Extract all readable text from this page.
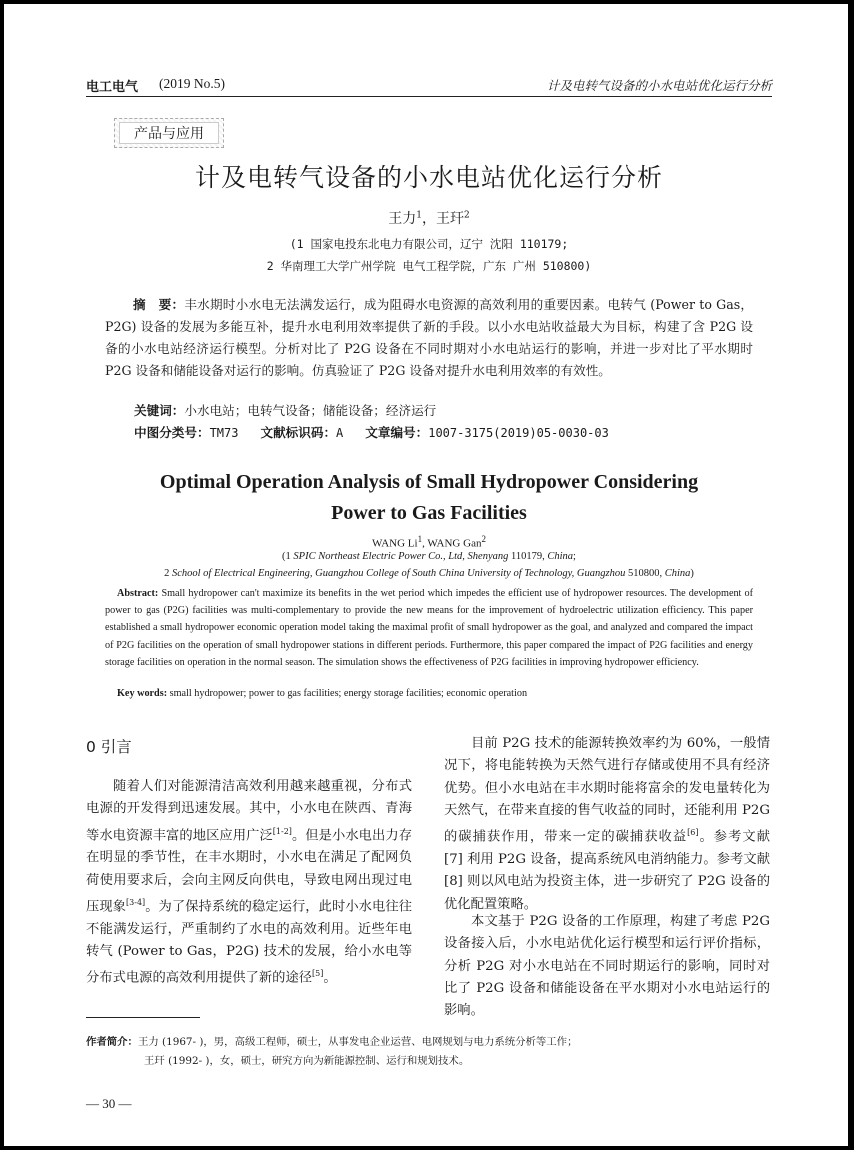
电工电气 (2019 No.5)	计及电转气设备的小水电站优化运行分析
产品与应用
计及电转气设备的小水电站优化运行分析
王力$^1$，王玕$^2$
(1 国家电投东北电力有限公司，辽宁 沈阳 110179;
2 华南理工大学广州学院 电气工程学院，广东 广州 510800)
摘　要：丰水期时小水电无法满发运行，成为阻碍水电资源的高效利用的重要因素。电转气 (Power to Gas，P2G) 设备的发展为多能互补，提升水电利用效率提供了新的手段。以小水电站收益最大为目标，构建了含 P2G 设备的小水电站经济运行模型。分析对比了 P2G 设备在不同时期对小水电站运行的影响，并进一步对比了平水期时 P2G 设备和储能设备对运行的影响。仿真验证了 P2G 设备对提升水电利用效率的有效性。
关键词：小水电站；电转气设备；储能设备；经济运行
中图分类号：TM73 文献标识码：A 文章编号：1007-3175(2019)05-0030-03
Optimal Operation Analysis of Small Hydropower Considering
Power to Gas Facilities
WANG Li$^1$, WANG Gan$^2$
(1 SPIC Northeast Electric Power Co., Ltd, Shenyang 110179, China;
2 School of Electrical Engineering, Guangzhou College of South China University of Technology, Guangzhou 510800, China)
Abstract: Small hydropower can't maximize its benefits in the wet period which impedes the efficient use of hydropower resources. The development of power to gas (P2G) facilities was multi-complementary to provide the new means for the improvement of hydroelectric utilization efficiency. This paper established a small hydropower economic operation model taking the maximal profit of small hydropower as the goal, and analyzed and compared the impact of P2G facilities on the operation of small hydropower stations in different periods. Furthermore, this paper compared the impact of P2G facilities and energy storage facilities on operation in the normal season. The simulation shows the effectiveness of P2G facilities in improving hydropower efficiency.
Key words: small hydropower; power to gas facilities; energy storage facilities; economic operation
0 引言
随着人们对能源清洁高效利用越来越重视，分布式电源的开发得到迅速发展。其中，小水电在陕西、青海等水电资源丰富的地区应用广泛[1-2]。但是小水电出力存在明显的季节性，在丰水期时，小水电在满足了配网负荷使用要求后，会向主网反向供电，导致电网出现过电压现象[3-4]。为了保持系统的稳定运行，此时小水电往往不能满发运行，严重制约了水电的高效利用。近些年电转气 (Power to Gas，P2G) 技术的发展，给小水电等分布式电源的高效利用提供了新的途径[5]。
目前 P2G 技术的能源转换效率约为 60%，一般情况下，将电能转换为天然气进行存储或使用不具有经济优势。但小水电站在丰水期时能将富余的发电量转化为天然气，在带来直接的售气收益的同时，还能利用 P2G 的碳捕获作用，带来一定的碳捕获收益[6]。参考文献 [7] 利用 P2G 设备，提高系统风电消纳能力。参考文献 [8] 则以风电站为投资主体，进一步研究了 P2G 设备的优化配置策略。
本文基于 P2G 设备的工作原理，构建了考虑 P2G 设备接入后，小水电站优化运行模型和运行评价指标，分析 P2G 对小水电站在不同时期运行的影响，同时对比了 P2G 设备和储能设备在平水期对小水电站运行的影响。
作者简介：王力 (1967- )，男，高级工程师，硕士，从事发电企业运营、电网规划与电力系统分析等工作；
王玕 (1992- )，女，硕士，研究方向为新能源控制、运行和规划技术。
— 30 —
